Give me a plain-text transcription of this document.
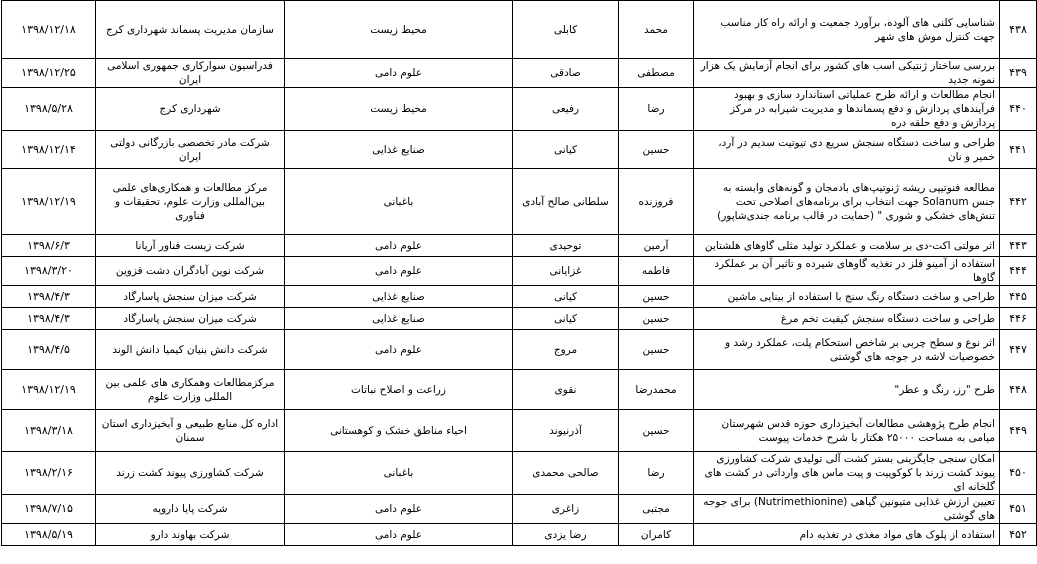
۴۳۸	شناسایی کلنی های آلوده، برآورد جمعیت و ارائه راه کار مناسب جهت کنترل موش های شهر	محمد	کابلی	محیط زیست	سازمان مدیریت پسماند شهرداری کرج	۱۳۹۸/۱۲/۱۸
۴۳۹	بررسی ساختار ژنتیکی اسب های کشور برای انجام آزمایش یک هزار نمونه جدید	مصطفی	صادقی	علوم دامی	فدراسیون سوارکاری جمهوری اسلامی ایران	۱۳۹۸/۱۲/۲۵
۴۴۰	انجام مطالعات و ارائه طرح عملیاتی استاندارد سازی و بهبود فرآیندهای پردازش و دفع پسماندها و مدیریت شیرابه در مرکز پردازش و دفع حلقه دره	رضا	رفیعی	محیط زیست	شهرداری کرج	۱۳۹۸/۵/۲۸
۴۴۱	طراحی و ساخت دستگاه سنجش سریع دی تیوتیت سدیم در آرد، خمیر و نان	حسین	کیانی	صنایع غذایی	شرکت مادر تخصصی بازرگانی دولتی ایران	۱۳۹۸/۱۲/۱۴
۴۴۲	مطالعه فنوتیپی ریشه ژنوتیپ‌های بادمجان و گونه‌های وابسته به جنس Solanum جهت انتخاب برای برنامه‌های اصلاحی تحت تنش‌های خشکی و شوری " (حمایت در قالب برنامه جندی‌شاپور)	فروزنده	سلطانی صالح آبادی	باغبانی	مرکز مطالعات و همکاری‌های علمی بین‌المللی وزارت علوم، تحقیقات و فناوری	۱۳۹۸/۱۲/۱۹
۴۴۳	اثر مولتی اکت-دی بر سلامت و عملکرد تولید مثلی گاوهای هلشتاین	آرمین	توحیدی	علوم دامی	شرکت زیست فناور آریانا	۱۳۹۸/۶/۳
۴۴۴	استفاده از آمینو فلز در تغذیه گاوهای شیرده و تاثیر آن بر عملکرد گاوها	فاطمه	غزایانی	علوم دامی	شرکت نوین آبادگران دشت قزوین	۱۳۹۸/۳/۲۰
۴۴۵	طراحی و ساخت دستگاه رنگ سنج با استفاده از بینایی ماشین	حسین	کیانی	صنایع غذایی	شرکت میزان سنجش پاسارگاد	۱۳۹۸/۴/۳
۴۴۶	طراحی و ساخت دستگاه سنجش کیفیت تخم مرغ	حسین	کیانی	صنایع غذایی	شرکت میزان سنجش پاسارگاد	۱۳۹۸/۴/۳
۴۴۷	اثر نوع و سطح چربی بر شاخص استحکام پلت، عملکرد رشد و خصوصیات لاشه در جوجه های گوشتی	حسین	مروج	علوم دامی	شرکت دانش بنیان کیمیا دانش الوند	۱۳۹۸/۴/۵
۴۴۸	طرح "رز، رنگ و عطر"	محمدرضا	نقوی	زراعت و اصلاح نباتات	مرکزمطالعات وهمکاری های علمی بین المللی وزارت علوم	۱۳۹۸/۱۲/۱۹
۴۴۹	انجام طرح پژوهشی مطالعات آبخیزداری حوزه قدس شهرستان میامی به مساحت ۲۵۰۰۰ هکتار با شرح خدمات پیوست	حسین	آذرنیوند	احیاء مناطق خشک و کوهستانی	اداره کل منابع طبیعی و آبخیزداری استان سمنان	۱۳۹۸/۳/۱۸
۴۵۰	امکان سنجی جایگزینی بستر کشت آلی تولیدی شرکت کشاورزی پیوند کشت زرند با کوکوپیت و پیت ماس های وارداتی در کشت های گلخانه ای	رضا	صالحی محمدی	باغبانی	شرکت کشاورزی پیوند کشت زرند	۱۳۹۸/۲/۱۶
۴۵۱	تعیین ارزش غذایی متیونین گیاهی (Nutrimethionine) برای جوجه های گوشتی	مجتبی	زاغری	علوم دامی	شرکت پایا دارویه	۱۳۹۸/۷/۱۵
۴۵۲	استفاده از پلوک های مواد مغذی در تغذیه دام	کامران	رضا یزدی	علوم دامی	شرکت بهاوند دارو	۱۳۹۸/۵/۱۹
